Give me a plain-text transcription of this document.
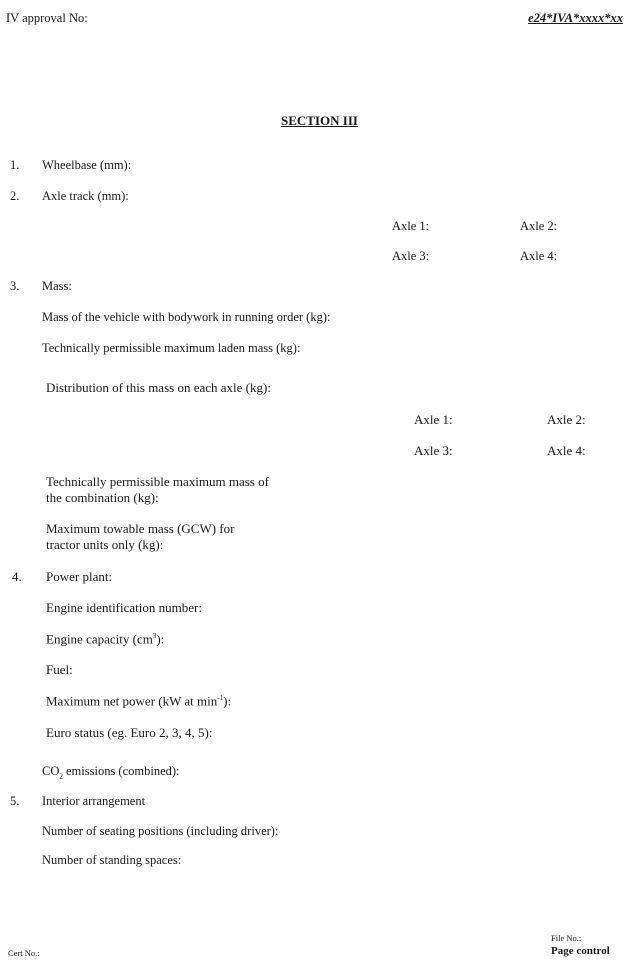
IV approval No:	e24*IVA*xxxx*xx
SECTION III
1. Wheelbase (mm):
2. Axle track (mm):
Axle 1:	Axle 2:
Axle 3:	Axle 4:
3. Mass:
Mass of the vehicle with bodywork in running order (kg):
Technically permissible maximum laden mass (kg):
Distribution of this mass on each axle (kg):
Axle 1:	Axle 2:
Axle 3:	Axle 4:
Technically permissible maximum mass of
the combination (kg):
Maximum towable mass (GCW) for
tractor units only (kg):
4. Power plant:
Engine identification number:
Engine capacity $(cm^3)$:
Fuel:
Maximum net power (kW at $\min^{-1}$):
Euro status (eg. Euro 2, 3, 4, 5):
$CO_2$ emissions (combined):
5. Interior arrangement
Number of seating positions (including driver):
Number of standing spaces:
Cert No.:
File No.:
Page control
